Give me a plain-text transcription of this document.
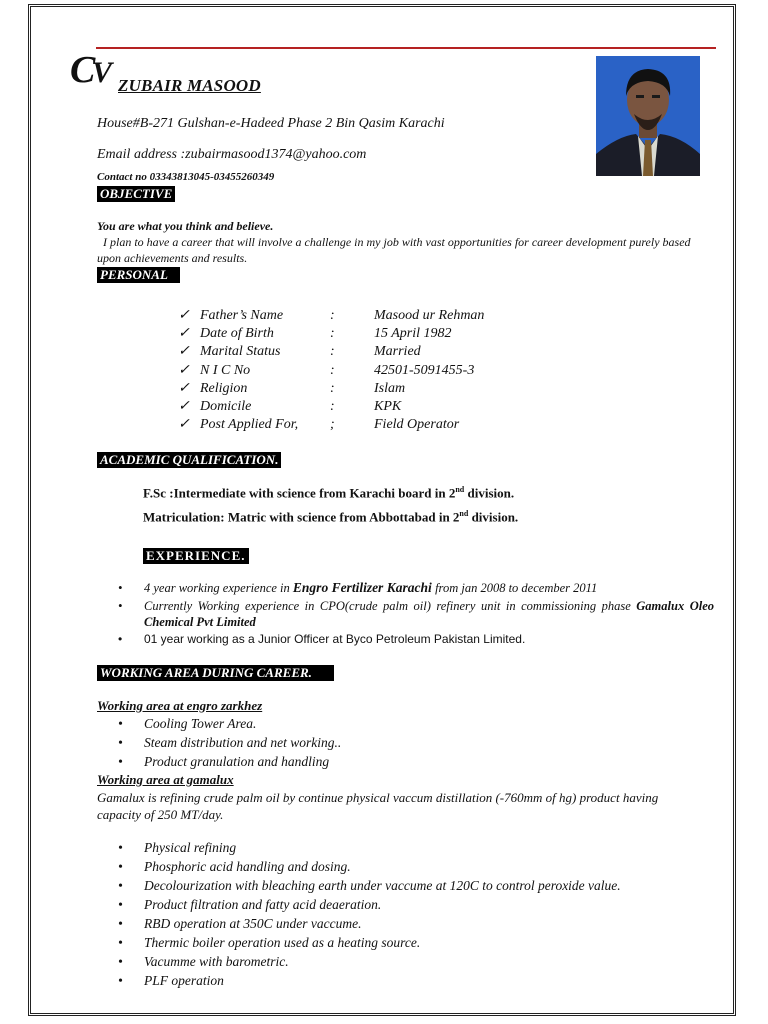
C
V ZUBAIR MASOOD
House#B-271 Gulshan-e-Hadeed Phase 2 Bin Qasim Karachi
Email address :zubairmasood1374@yahoo.com
Contact no 03343813045-03455260349
OBJECTIVE
You are what you think and believe.
I plan to have a career that will involve a challenge in my job with vast opportunities for career development purely based upon achievements and results.
PERSONAL
✓ Father’s Name	:	Masood ur Rehman
✓ Date of Birth	:	15 April 1982
✓ Marital Status	:	Married
✓ N I C No	:	42501-5091455-3
✓ Religion	:	Islam
✓ Domicile	:	KPK
✓ Post Applied For, ;	Field Operator
ACADEMIC QUALIFICATION.
F.Sc :Intermediate with science from Karachi board in 2nd division.
Matriculation: Matric with science from Abbottabad in 2nd division.
EXPERIENCE.
• 4 year working experience in Engro Fertilizer Karachi from jan 2008 to december 2011
• Currently Working experience in CPO(crude palm oil) refinery unit in commissioning phase Gamalux Oleo Chemical Pvt Limited
• 01 year working as a Junior Officer at Byco Petroleum Pakistan Limited.
WORKING AREA DURING CAREER.
Working area at engro zarkhez
• Cooling Tower Area.
• Steam distribution and net working..
• Product granulation and handling
Working area at gamalux
Gamalux is refining crude palm oil by continue physical vaccum distillation (-760mm of hg) product having capacity of 250 MT/day.
• Physical refining
• Phosphoric acid handling and dosing.
• Decolourization with bleaching earth under vaccume at 120C to control peroxide value.
• Product filtration and fatty acid deaeration.
• RBD operation at 350C under vaccume.
• Thermic boiler operation used as a heating source.
• Vacumme with barometric.
• PLF operation
